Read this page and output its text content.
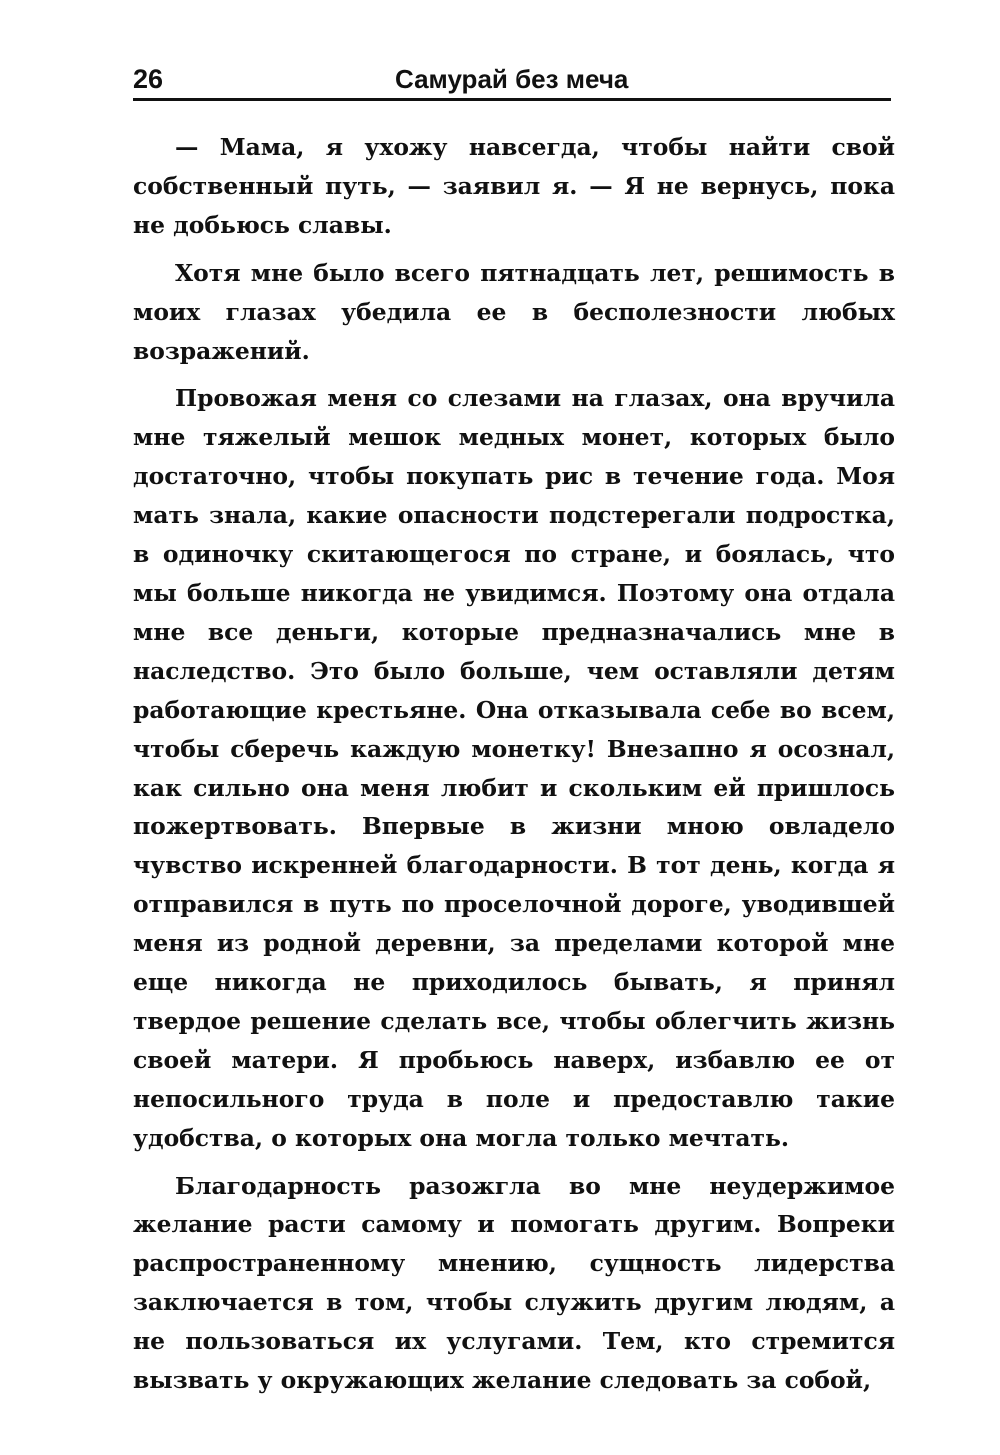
26	Самурай без меча

— Мама, я ухожу навсегда, чтобы найти свой собственный путь, — заявил я. — Я не вернусь, пока не добьюсь славы.

Хотя мне было всего пятнадцать лет, решимость в моих глазах убедила ее в бесполезности любых возражений.

Провожая меня со слезами на глазах, она вручила мне тяжелый мешок медных монет, которых было достаточно, чтобы покупать рис в течение года. Моя мать знала, какие опасности подстерегали подростка, в одиночку скитающегося по стране, и боялась, что мы больше никогда не увидимся. Поэтому она отдала мне все деньги, которые предназначались мне в наследство. Это было больше, чем оставляли детям работающие крестьяне. Она отказывала себе во всем, чтобы сберечь каждую монетку! Внезапно я осознал, как сильно она меня любит и скольким ей пришлось пожертвовать. Впервые в жизни мною овладело чувство искренней благодарности. В тот день, когда я отправился в путь по проселочной дороге, уводившей меня из родной деревни, за пределами которой мне еще никогда не приходилось бывать, я принял твердое решение сделать все, чтобы облегчить жизнь своей матери. Я пробьюсь наверх, избавлю ее от непосильного труда в поле и предоставлю такие удобства, о которых она могла только мечтать.

Благодарность разожгла во мне неудержимое желание расти самому и помогать другим. Вопреки распространенному мнению, сущность лидерства заключается в том, чтобы служить другим людям, а не пользоваться их услугами. Тем, кто стремится вызвать у окружающих желание следовать за собой,
